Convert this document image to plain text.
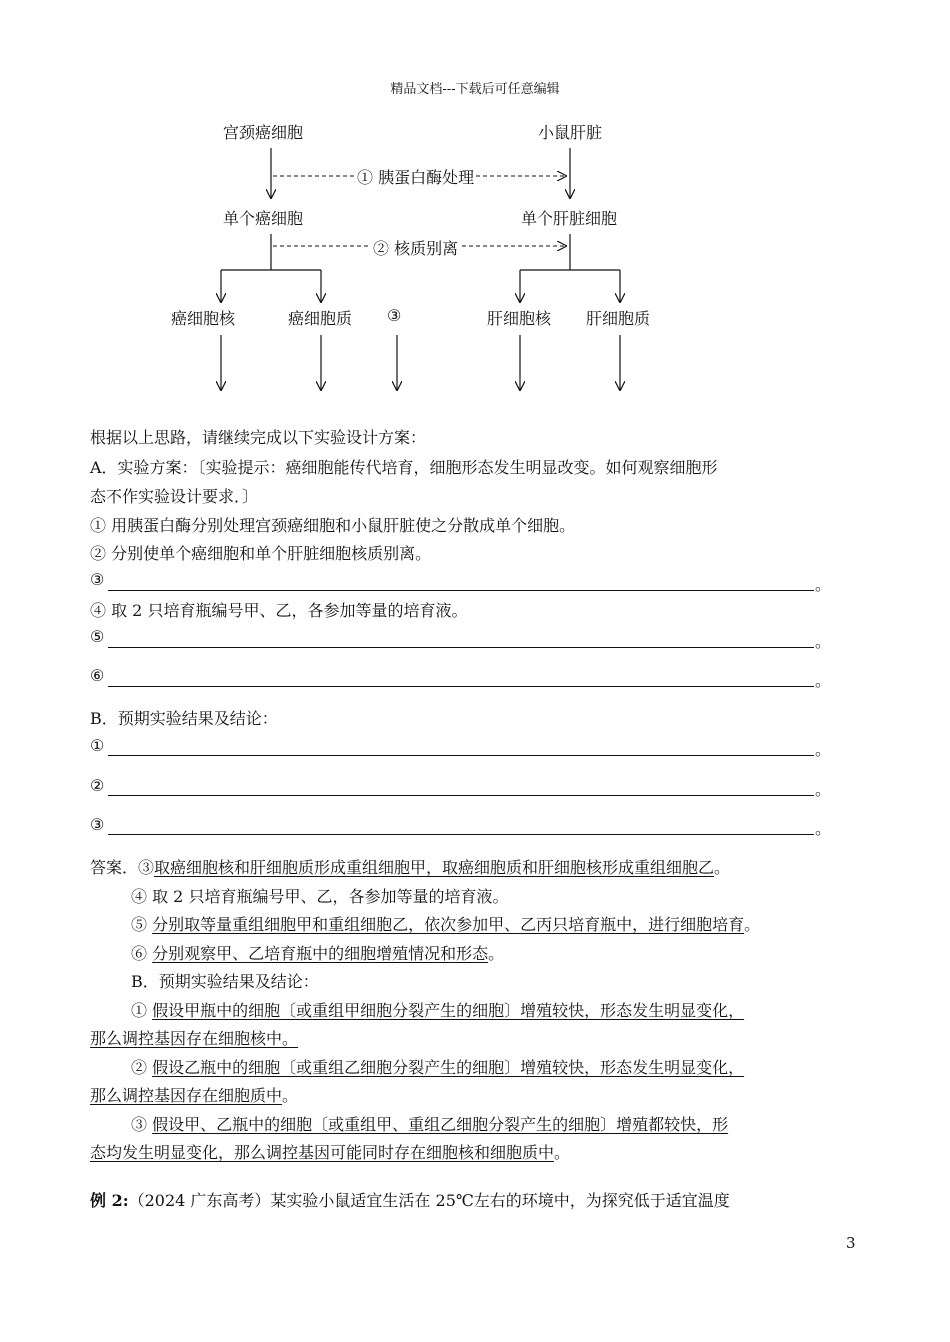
精品文档---下载后可任意编辑
宫颈癌细胞	小鼠肝脏
① 胰蛋白酶处理
单个癌细胞	单个肝脏细胞
② 核质别离
癌细胞核	癌细胞质 ③	肝细胞核 肝细胞质
根据以上思路，请继续完成以下实验设计方案：
A．实验方案：〔实验提示：癌细胞能传代培育，细胞形态发生明显改变。如何观察细胞形
态不作实验设计要求．〕
① 用胰蛋白酶分别处理宫颈癌细胞和小鼠肝脏使之分散成单个细胞。
② 分别使单个癌细胞和单个肝脏细胞核质别离。
③	。
④ 取 2 只培育瓶编号甲、乙，各参加等量的培育液。
⑤	。
⑥	。
B．预期实验结果及结论：
①	。
②	。
③	。
答案．③取癌细胞核和肝细胞质形成重组细胞甲，取癌细胞质和肝细胞核形成重组细胞乙。
④ 取 2 只培育瓶编号甲、乙，各参加等量的培育液。
⑤ 分别取等量重组细胞甲和重组细胞乙，依次参加甲、乙丙只培育瓶中，进行细胞培育。
⑥ 分别观察甲、乙培育瓶中的细胞增殖情况和形态。
B．预期实验结果及结论：
① 假设甲瓶中的细胞〔或重组甲细胞分裂产生的细胞〕增殖较快，形态发生明显变化，
那么调控基因存在细胞核中。
② 假设乙瓶中的细胞〔或重组乙细胞分裂产生的细胞〕增殖较快，形态发生明显变化，
那么调控基因存在细胞质中。
③ 假设甲、乙瓶中的细胞〔或重组甲、重组乙细胞分裂产生的细胞〕增殖都较快，形
态均发生明显变化，那么调控基因可能同时存在细胞核和细胞质中。
例 2:（2024 广东高考）某实验小鼠适宜生活在 25℃左右的环境中，为探究低于适宜温度
3
